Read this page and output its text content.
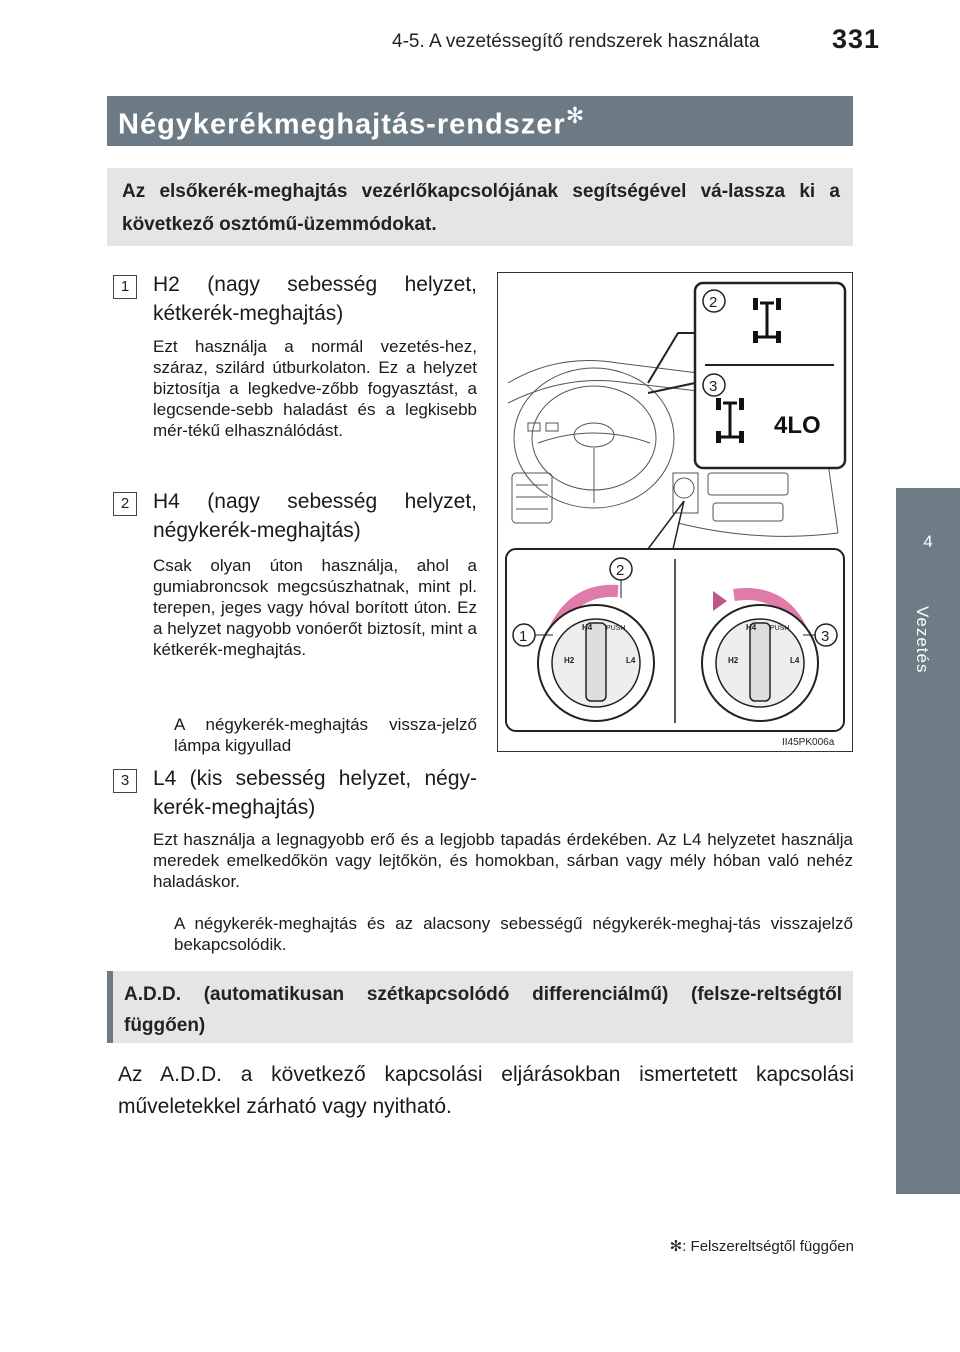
4-5. A vezetéssegítő rendszerek használata	331
4
Vezetés
Négykerékmeghajtás-rendszer✻
Az elsőkerék-meghajtás vezérlőkapcsolójának segítségével vá-lassza ki a következő osztómű-üzemmódokat.
1	H2 (nagy sebesség helyzet, kétkerék-meghajtás)
Ezt használja a normál vezetés-hez, száraz, szilárd útburkolaton. Ez a helyzet biztosítja a legkedve-zőbb fogyasztást, a legcsende-sebb haladást és a legkisebb mér-tékű elhasználódást.
2	H4 (nagy sebesség helyzet, négykerék-meghajtás)
Csak olyan úton használja, ahol a gumiabroncsok megcsúszhatnak, mint pl. terepen, jeges vagy hóval borított úton. Ez a helyzet nagyobb vonóerőt biztosít, mint a kétkerék-meghajtás.
A négykerék-meghajtás vissza-jelző lámpa kigyullad
3	L4 (kis sebesség helyzet, négy-kerék-meghajtás)
Ezt használja a legnagyobb erő és a legjobb tapadás érdekében. Az L4 helyzetet használja meredek emelkedőkön vagy lejtőkön, és homokban, sárban vagy mély hóban való nehéz haladáskor.
A négykerék-meghajtás és az alacsony sebességű négykerék-meghaj-tás visszajelző bekapcsolódik.
2
3
4LO
H4 PUSH
H2	L4
H4 PUSH
H2	L4
2
1	3
II45PK006a
A.D.D. (automatikusan szétkapcsolódó differenciálmű) (felsze-reltségtől függően)
Az A.D.D. a következő kapcsolási eljárásokban ismertetett kapcsolási műveletekkel zárható vagy nyitható.
✻: Felszereltségtől függően
